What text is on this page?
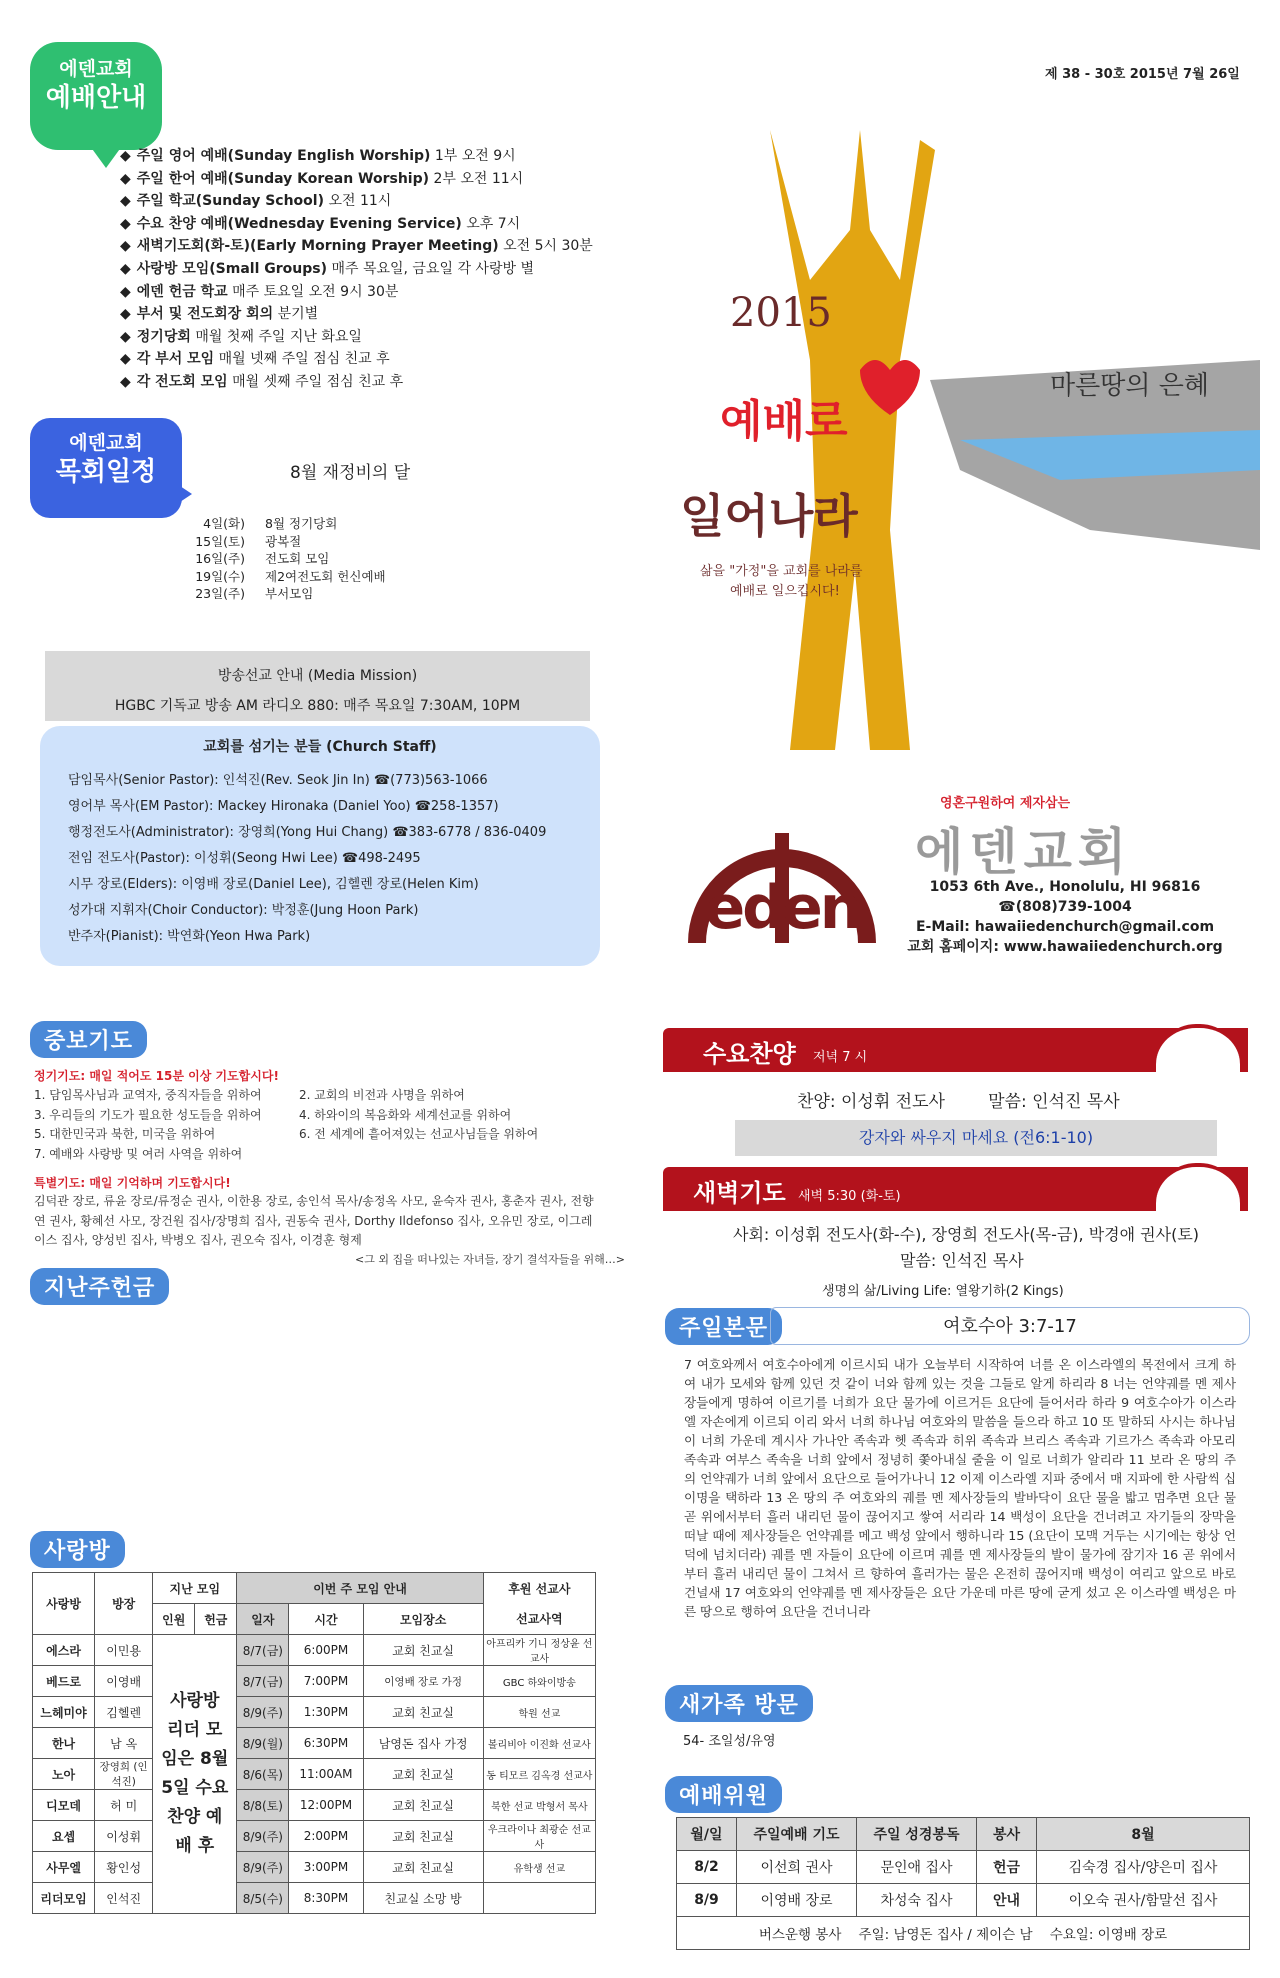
제 38 - 30호 2015년 7월 26일
에덴교회
예배안내
◆ 주일 영어 예배(Sunday English Worship) 1부 오전 9시
◆ 주일 한어 예배(Sunday Korean Worship) 2부 오전 11시
◆ 주일 학교(Sunday School) 오전 11시
◆ 수요 찬양 예배(Wednesday Evening Service) 오후 7시
◆ 새벽기도회(화-토)(Early Morning Prayer Meeting) 오전 5시 30분
◆ 사랑방 모임(Small Groups) 매주 목요일, 금요일 각 사랑방 별
◆ 에덴 헌금 학교 매주 토요일 오전 9시 30분
◆ 부서 및 전도회장 회의 분기별
◆ 정기당회 매월 첫째 주일 지난 화요일
◆ 각 부서 모임 매월 넷째 주일 점심 친교 후
◆ 각 전도회 모임 매월 셋째 주일 점심 친교 후
에덴교회
목회일정	8월 재정비의 달
4일(화)	8월 정기당회
15일(토)	광복절
16일(주)	전도회 모임
19일(수)	제2여전도회 헌신예배
23일(주)	부서모임
방송선교 안내 (Media Mission)
HGBC 기독교 방송 AM 라디오 880: 매주 목요일 7:30AM, 10PM
교회를 섬기는 분들 (Church Staff)
담임목사(Senior Pastor): 인석진(Rev. Seok Jin In) ☎(773)563-1066
영어부 목사(EM Pastor): Mackey Hironaka (Daniel Yoo) ☎258-1357)
행정전도사(Administrator): 장영희(Yong Hui Chang) ☎383-6778 / 836-0409
전임 전도사(Pastor): 이성휘(Seong Hwi Lee) ☎498-2495
시무 장로(Elders): 이영배 장로(Daniel Lee), 김헬렌 장로(Helen Kim)
성가대 지휘자(Choir Conductor): 박정훈(Jung Hoon Park)
반주자(Pianist): 박연화(Yeon Hwa Park)
2015
예배로
일어나라
삶을 "가정"을 교회를 나라를
예배로 일으킵시다!
마른땅의 은혜
영혼구원하여 제자삼는
에덴교회
eden	1053 6th Ave., Honolulu, HI 96816
☎(808)739-1004
E-Mail: hawaiiedenchurch@gmail.com
교회 홈페이지: www.hawaiiedenchurch.org
중보기도
정기기도: 매일 적어도 15분 이상 기도합시다!
1. 담임목사님과 교역자, 중직자들을 위하여	2. 교회의 비전과 사명을 위하여
3. 우리들의 기도가 필요한 성도들을 위하여	4. 하와이의 복음화와 세계선교를 위하여
5. 대한민국과 북한, 미국을 위하여	6. 전 세계에 흩어져있는 선교사님들을 위하여
7. 예배와 사랑방 및 여러 사역을 위하여
특별기도: 매일 기억하며 기도합시다!
김덕관 장로, 류윤 장로/류정순 권사, 이한용 장로, 송인석 목사/송정옥 사모, 윤숙자 권사, 홍춘자 권사, 전향연 권사, 황혜선 사모, 장건원 집사/장명희 집사, 권동숙 권사, Dorthy Ildefonso 집사, 오유민 장로, 이그레이스 집사, 양성빈 집사, 박병오 집사, 권오숙 집사, 이경훈 형제
<그 외 집을 떠나있는 자녀들, 장기 결석자들을 위해…>
지난주헌금
사랑방
사랑방	방장	지난 모임		이번 주 모임 안내			후원 선교사
		인원	헌금	일자	시간	모임장소	선교사역
에스라	이민용	사랑방 리더 모임은 8월 5일 수요 찬양 예배 후		8/7(금)	6:00PM	교회 친교실	아프리카 기니 정상윤 선교사
베드로	이영배			8/7(금)	7:00PM	이영배 장로 가정	GBC 하와이방송
느헤미야	김헬렌			8/9(주)	1:30PM	교회 친교실	학원 선교
한나	남 옥			8/9(월)	6:30PM	남영돈 집사 가정	볼리비아 이진화 선교사
노아	장영희 (인석진)			8/6(목)	11:00AM	교회 친교실	동 티모르 김옥경 선교사
디모데	허 미			8/8(토)	12:00PM	교회 친교실	북한 선교 박형서 목사
요셉	이성휘			8/9(주)	2:00PM	교회 친교실	우크라이나 최광순 선교사
사무엘	황인성			8/9(주)	3:00PM	교회 친교실	유학생 선교
리더모임	인석진			8/5(수)	8:30PM	친교실 소망 방	
수요찬양 저녁 7 시
찬양: 이성휘 전도사        말씀: 인석진 목사
강자와 싸우지 마세요 (전6:1-10)
새벽기도 새벽 5:30 (화-토)
사회: 이성휘 전도사(화-수), 장영희 전도사(목-금), 박경애 권사(토)
말씀: 인석진 목사
생명의 삶/Living Life: 열왕기하(2 Kings)
주일본문	여호수아 3:7-17
7 여호와께서 여호수아에게 이르시되 내가 오늘부터 시작하여 너를 온 이스라엘의 목전에서 크게 하여 내가 모세와 함께 있던 것 같이 너와 함께 있는 것을 그들로 알게 하리라 8 너는 언약궤를 멘 제사장들에게 명하여 이르기를 너희가 요단 물가에 이르거든 요단에 들어서라 하라 9 여호수아가 이스라엘 자손에게 이르되 이리 와서 너희 하나님 여호와의 말씀을 들으라 하고 10 또 말하되 사시는 하나님이 너희 가운데 계시사 가나안 족속과 헷 족속과 히위 족속과 브리스 족속과 기르가스 족속과 아모리 족속과 여부스 족속을 너희 앞에서 정녕히 쫓아내실 줄을 이 일로 너희가 알리라 11 보라 온 땅의 주의 언약궤가 너희 앞에서 요단으로 들어가나니 12 이제 이스라엘 지파 중에서 매 지파에 한 사람씩 십 이명을 택하라 13 온 땅의 주 여호와의 궤를 멘 제사장들의 발바닥이 요단 물을 밟고 멈추면 요단 물 곧 위에서부터 흘러 내리던 물이 끊어지고 쌓여 서리라 14 백성이 요단을 건너려고 자기들의 장막을 떠날 때에 제사장들은 언약궤를 메고 백성 앞에서 행하니라 15 (요단이 모맥 거두는 시기에는 항상 언덕에 넘치더라) 궤를 멘 자들이 요단에 이르며 궤를 멘 제사장들의 발이 물가에 잠기자 16 곧 위에서부터 흘러 내리던 물이 그쳐서 르 향하여 흘러가는 물은 온전히 끊어지매 백성이 여리고 앞으로 바로 건널새 17 여호와의 언약궤를 멘 제사장들은 요단 가운데 마른 땅에 굳게 섰고 온 이스라엘 백성은 마른 땅으로 행하여 요단을 건너니라
새가족 방문
54- 조일성/유영
예배위원
월/일	주일예배 기도	주일 성경봉독	봉사	8월
8/2	이선희 권사	문인애 집사	헌금	김숙경 집사/양은미 집사
8/9	이영배 장로	차성숙 집사	안내	이오숙 권사/함말선 집사
버스운행 봉사    주일: 남영돈 집사 / 제이슨 남    수요일: 이영배 장로				
